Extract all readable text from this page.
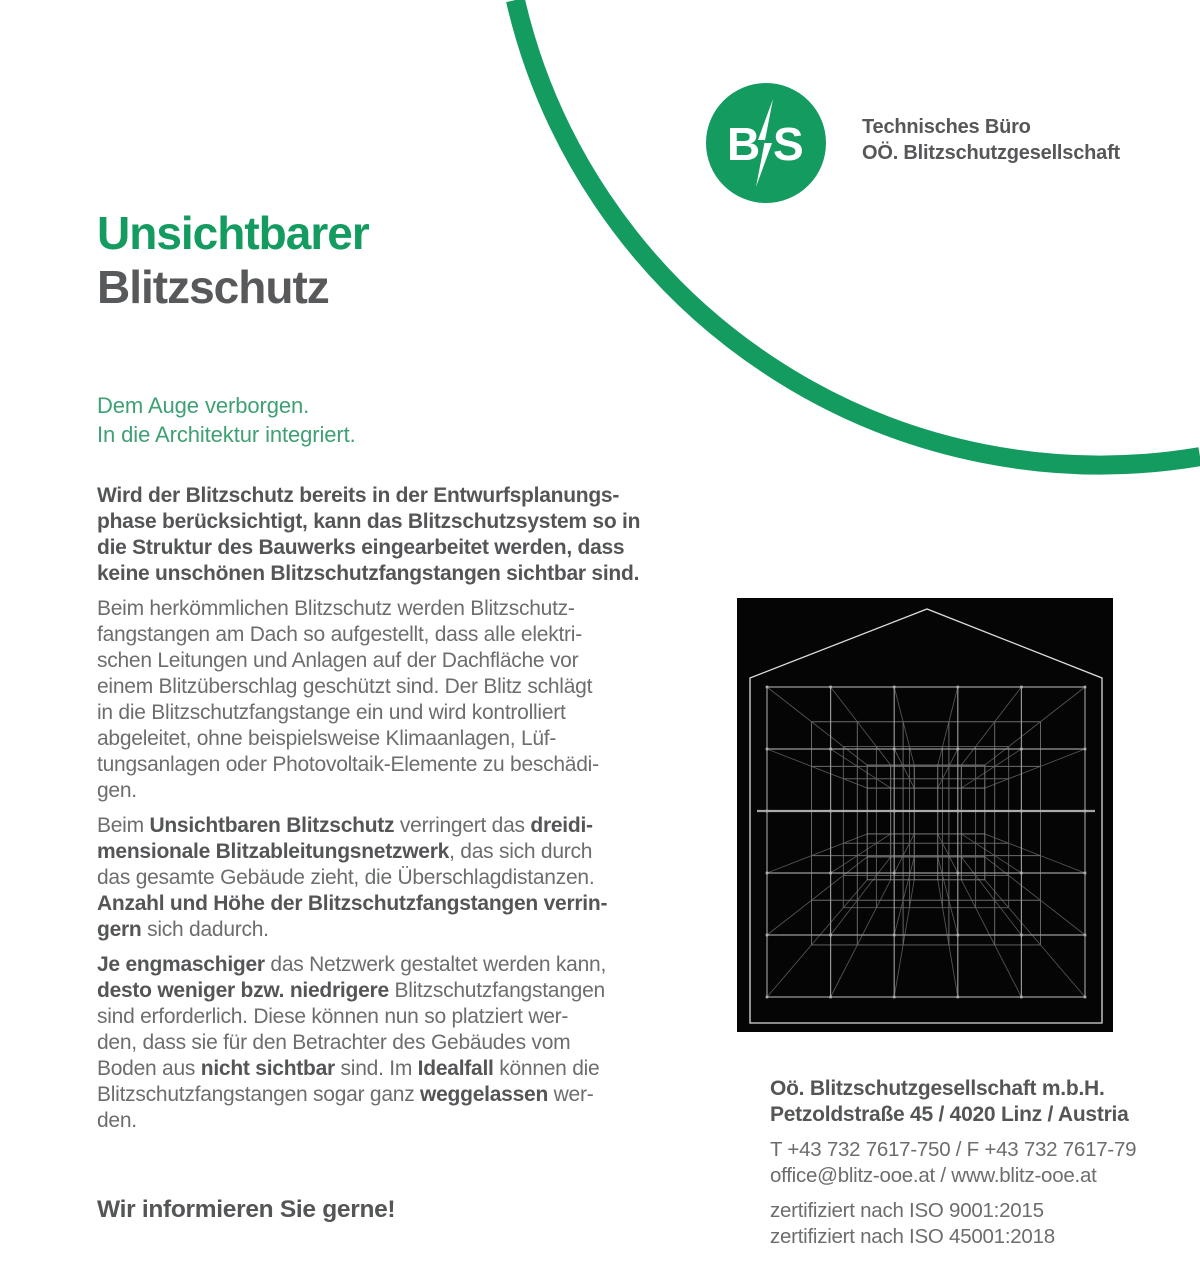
B S	Technisches Büro
OÖ. Blitzschutzgesellschaft
Unsichtbarer
Blitzschutz
Dem Auge verborgen.
In die Architektur integriert.

Wird der Blitzschutz bereits in der Entwurfsplanungs-
phase berücksichtigt, kann das Blitzschutzsystem so in
die Struktur des Bauwerks eingearbeitet werden, dass
keine unschönen Blitzschutzfangstangen sichtbar sind.

Beim herkömmlichen Blitzschutz werden Blitzschutz-
fangstangen am Dach so aufgestellt, dass alle elektri-
schen Leitungen und Anlagen auf der Dachfläche vor
einem Blitzüberschlag geschützt sind. Der Blitz schlägt
in die Blitzschutzfangstange ein und wird kontrolliert
abgeleitet, ohne beispielsweise Klimaanlagen, Lüf-
tungsanlagen oder Photovoltaik-Elemente zu beschädi-
gen.

Beim Unsichtbaren Blitzschutz verringert das dreidi-
mensionale Blitzableitungsnetzwerk, das sich durch
das gesamte Gebäude zieht, die Überschlagdistanzen.
Anzahl und Höhe der Blitzschutzfangstangen verrin-
gern sich dadurch.

Je engmaschiger das Netzwerk gestaltet werden kann,
desto weniger bzw. niedrigere Blitzschutzfangstangen
sind erforderlich. Diese können nun so platziert wer-
den, dass sie für den Betrachter des Gebäudes vom
Boden aus nicht sichtbar sind. Im Idealfall können die
Blitzschutzfangstangen sogar ganz weggelassen wer-
den.

Oö. Blitzschutzgesellschaft m.b.H.
Petzoldstraße 45 / 4020 Linz / Austria
T +43 732 7617-750 / F +43 732 7617-79
office@blitz-ooe.at / www.blitz-ooe.at
zertifiziert nach ISO 9001:2015
zertifiziert nach ISO 45001:2018
Wir informieren Sie gerne!
